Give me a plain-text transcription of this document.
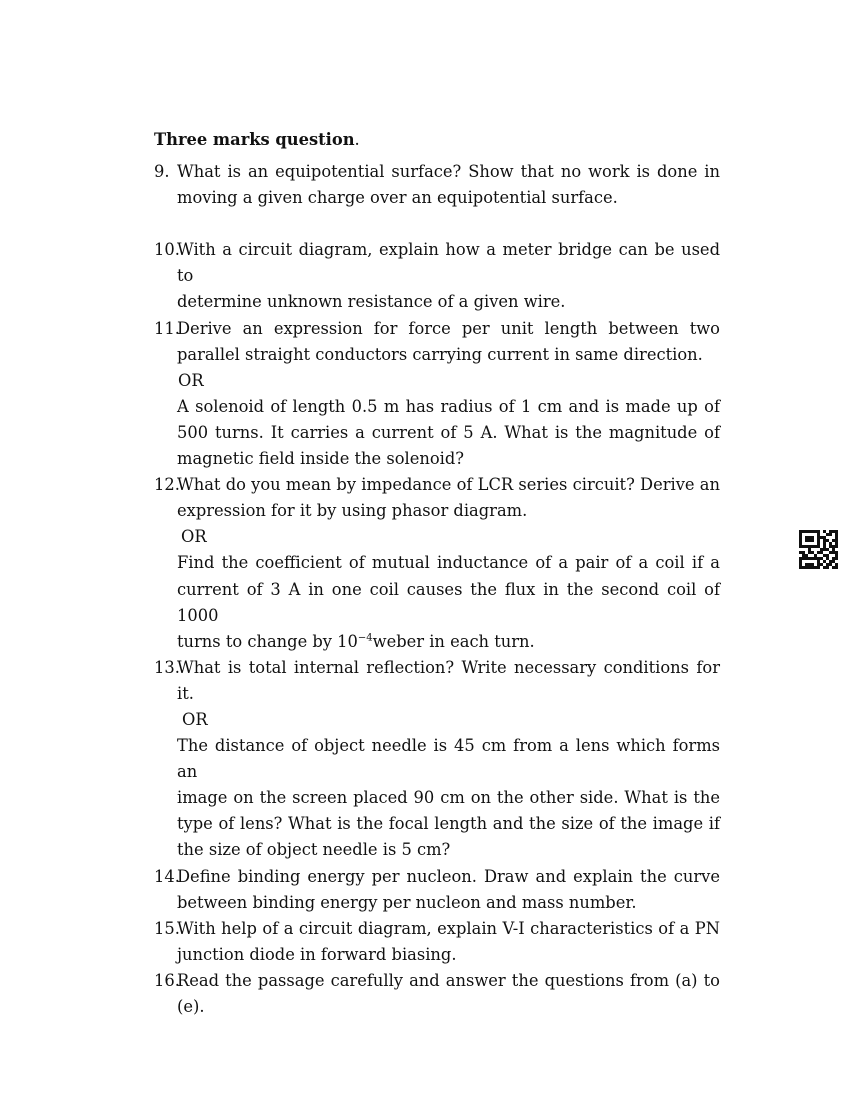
Three marks question.
9. What is an equipotential surface? Show that no work is done in
moving a given charge over an equipotential surface.
10.
With a circuit diagram, explain how a meter bridge can be used to
determine unknown resistance of a given wire.
11.
Derive an expression for force per unit length between two
parallel straight conductors carrying current in same direction.
OR
A solenoid of length 0.5 m has radius of 1 cm and is made up of
500 turns. It carries a current of 5 A. What is the magnitude of
magnetic field inside the solenoid?
12.
What do you mean by impedance of LCR series circuit? Derive an
expression for it by using phasor diagram.
OR
Find the coefficient of mutual inductance of a pair of a coil if a
current of 3 A in one coil causes the flux in the second coil of 1000
turns to change by $10^{-4}weber$ in each turn.
13.
What is total internal reflection? Write necessary conditions for it.
OR
The distance of object needle is 45 cm from a lens which forms an
image on the screen placed 90 cm on the other side. What is the
type of lens? What is the focal length and the size of the image if
the size of object needle is 5 cm?
14.
Define binding energy per nucleon. Draw and explain the curve
between binding energy per nucleon and mass number.
15.
With help of a circuit diagram, explain V-I characteristics of a PN
junction diode in forward biasing.
16.
Read the passage carefully and answer the questions from (a) to
(e).
